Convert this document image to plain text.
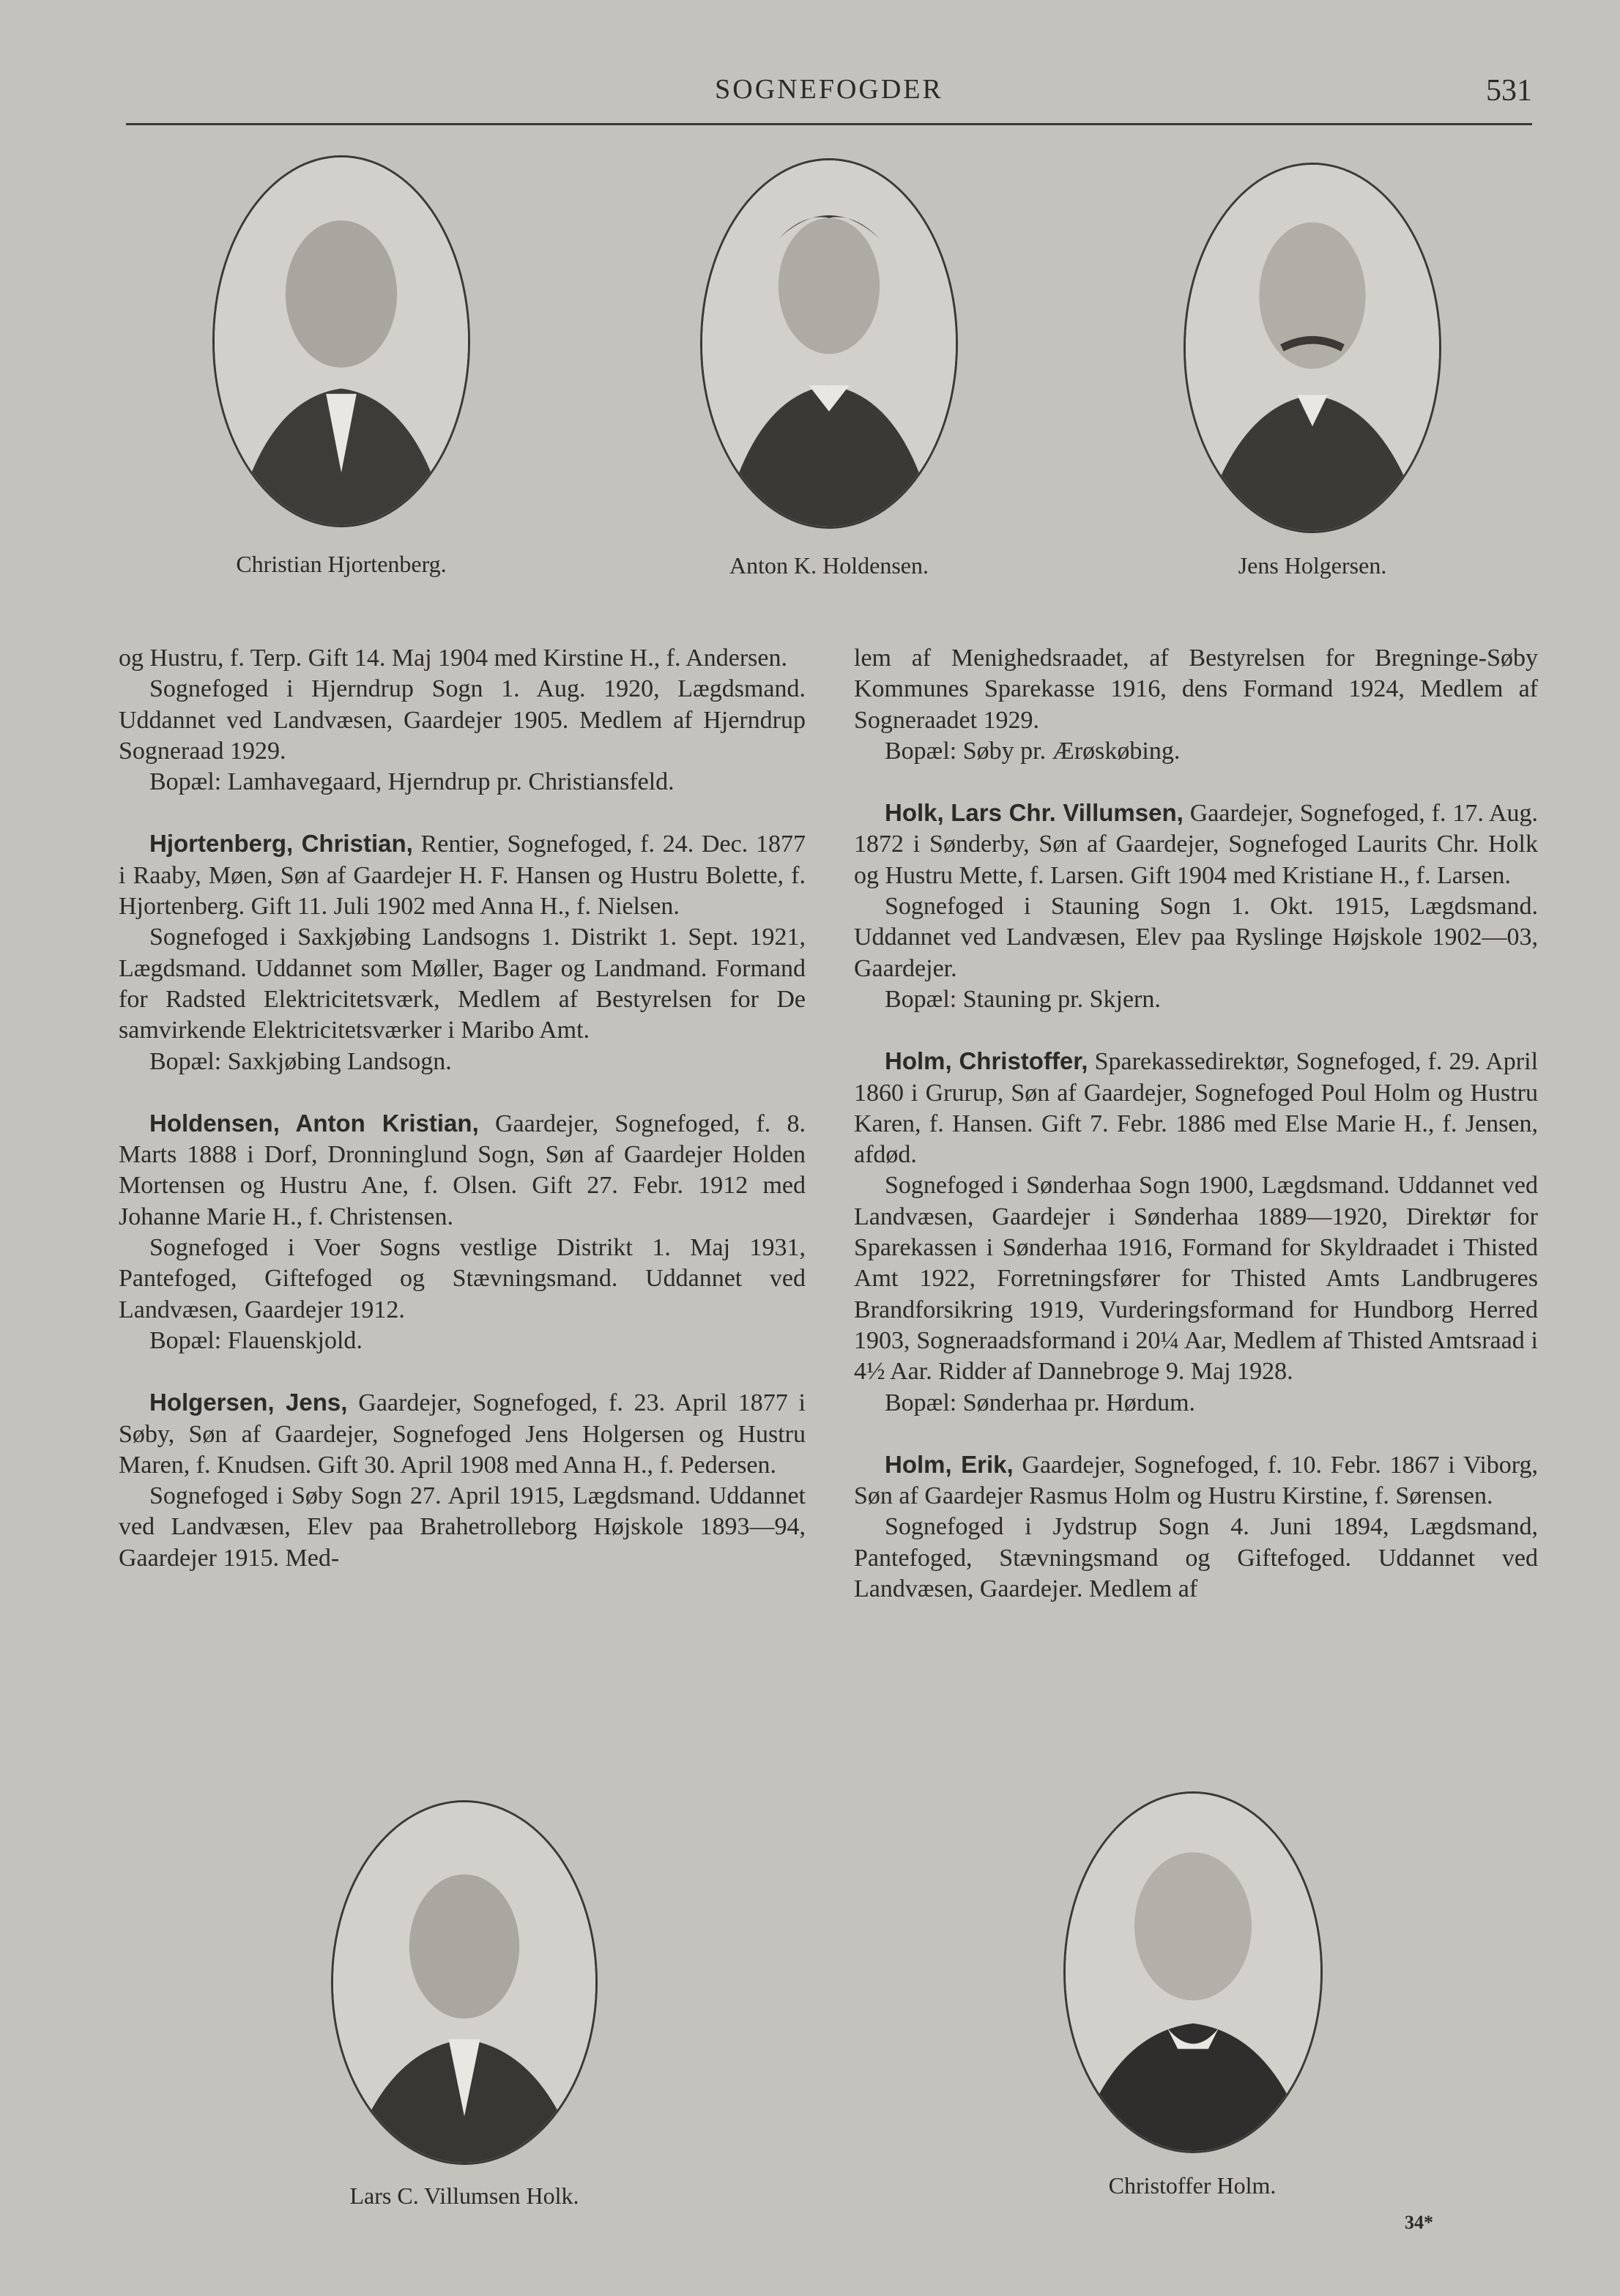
SOGNEFOGDER	531
Christian Hjortenberg.	Anton K. Holdensen.	Jens Holgersen.

og Hustru, f. Terp. Gift 14. Maj 1904 med Kirstine H., f. Andersen.

Sognefoged i Hjerndrup Sogn 1. Aug. 1920, Lægdsmand. Uddannet ved Landvæsen, Gaardejer 1905. Medlem af Hjerndrup Sogneraad 1929.

Bopæl: Lamhavegaard, Hjerndrup pr. Christiansfeld.

Hjortenberg, Christian, Rentier, Sognefoged, f. 24. Dec. 1877 i Raaby, Møen, Søn af Gaardejer H. F. Hansen og Hustru Bolette, f. Hjortenberg. Gift 11. Juli 1902 med Anna H., f. Nielsen.

Sognefoged i Saxkjøbing Landsogns 1. Distrikt 1. Sept. 1921, Lægdsmand. Uddannet som Møller, Bager og Landmand. Formand for Radsted Elektricitetsværk, Medlem af Bestyrelsen for De samvirkende Elektricitetsværker i Maribo Amt.

Bopæl: Saxkjøbing Landsogn.

Holdensen, Anton Kristian, Gaardejer, Sognefoged, f. 8. Marts 1888 i Dorf, Dronninglund Sogn, Søn af Gaardejer Holden Mortensen og Hustru Ane, f. Olsen. Gift 27. Febr. 1912 med Johanne Marie H., f. Christensen.

Sognefoged i Voer Sogns vestlige Distrikt 1. Maj 1931, Pantefoged, Giftefoged og Stævningsmand. Uddannet ved Landvæsen, Gaardejer 1912.

Bopæl: Flauenskjold.

Holgersen, Jens, Gaardejer, Sognefoged, f. 23. April 1877 i Søby, Søn af Gaardejer, Sognefoged Jens Holgersen og Hustru Maren, f. Knudsen. Gift 30. April 1908 med Anna H., f. Pedersen.

Sognefoged i Søby Sogn 27. April 1915, Lægdsmand. Uddannet ved Landvæsen, Elev paa Brahetrolleborg Højskole 1893—94, Gaardejer 1915. Med-

lem af Menighedsraadet, af Bestyrelsen for Bregninge-Søby Kommunes Sparekasse 1916, dens Formand 1924, Medlem af Sogneraadet 1929.

Bopæl: Søby pr. Ærøskøbing.

Holk, Lars Chr. Villumsen, Gaardejer, Sognefoged, f. 17. Aug. 1872 i Sønderby, Søn af Gaardejer, Sognefoged Laurits Chr. Holk og Hustru Mette, f. Larsen. Gift 1904 med Kristiane H., f. Larsen.

Sognefoged i Stauning Sogn 1. Okt. 1915, Lægdsmand. Uddannet ved Landvæsen, Elev paa Ryslinge Højskole 1902—03, Gaardejer.

Bopæl: Stauning pr. Skjern.

Holm, Christoffer, Sparekassedirektør, Sognefoged, f. 29. April 1860 i Grurup, Søn af Gaardejer, Sognefoged Poul Holm og Hustru Karen, f. Hansen. Gift 7. Febr. 1886 med Else Marie H., f. Jensen, afdød.

Sognefoged i Sønderhaa Sogn 1900, Lægdsmand. Uddannet ved Landvæsen, Gaardejer i Sønderhaa 1889—1920, Direktør for Sparekassen i Sønderhaa 1916, Formand for Skyldraadet i Thisted Amt 1922, Forretningsfører for Thisted Amts Landbrugeres Brandforsikring 1919, Vurderingsformand for Hundborg Herred 1903, Sogneraadsformand i 20¼ Aar, Medlem af Thisted Amtsraad i 4½ Aar. Ridder af Dannebroge 9. Maj 1928.

Bopæl: Sønderhaa pr. Hørdum.

Holm, Erik, Gaardejer, Sognefoged, f. 10. Febr. 1867 i Viborg, Søn af Gaardejer Rasmus Holm og Hustru Kirstine, f. Sørensen.

Sognefoged i Jydstrup Sogn 4. Juni 1894, Lægdsmand, Pantefoged, Stævningsmand og Giftefoged. Uddannet ved Landvæsen, Gaardejer. Medlem af

Lars C. Villumsen Holk.	Christoffer Holm.
34*
